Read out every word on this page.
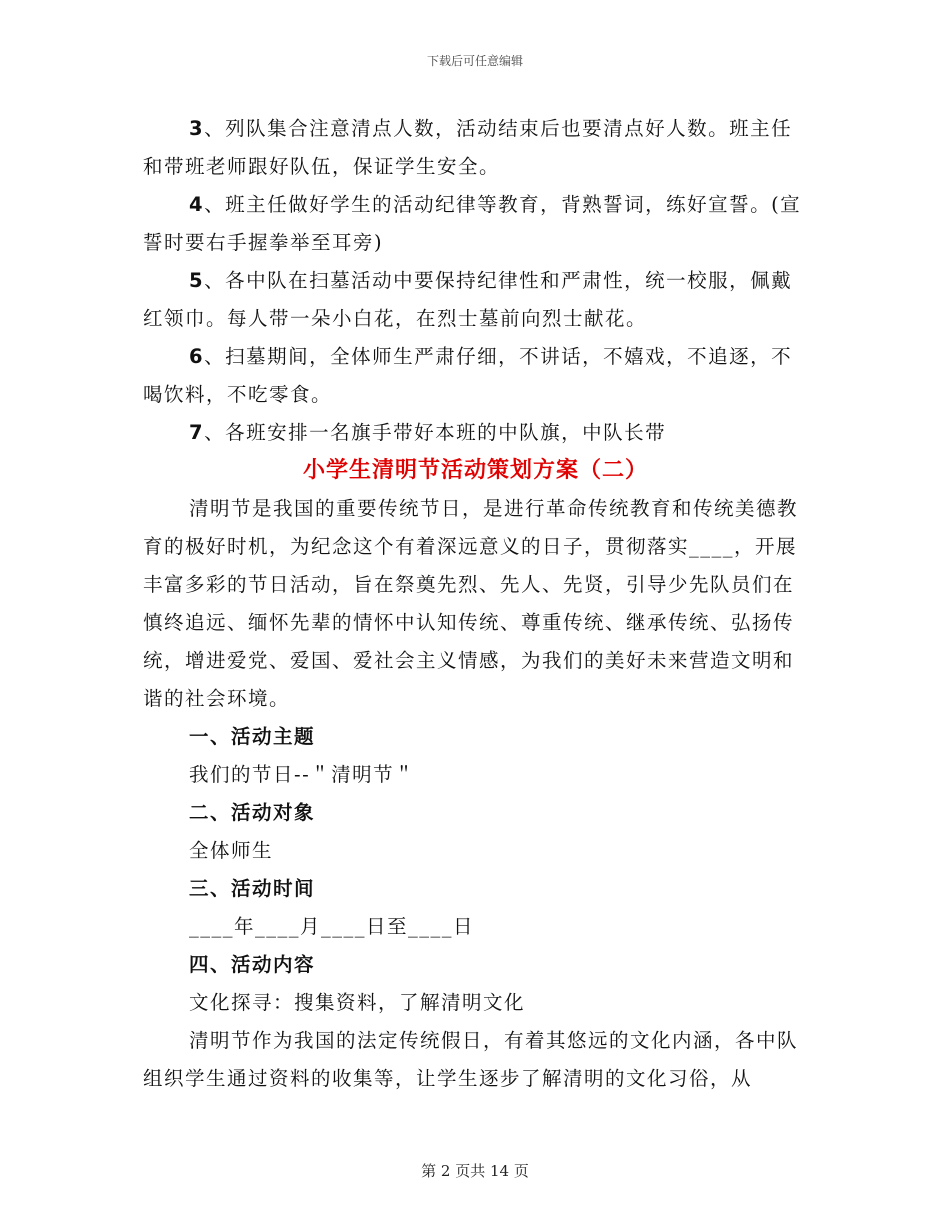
下载后可任意编辑

3、列队集合注意清点人数，活动结束后也要清点好人数。班主任和带班老师跟好队伍，保证学生安全。

4、班主任做好学生的活动纪律等教育，背熟誓词，练好宣誓。(宣誓时要右手握拳举至耳旁)

5、各中队在扫墓活动中要保持纪律性和严肃性，统一校服，佩戴红领巾。每人带一朵小白花，在烈士墓前向烈士献花。

6、扫墓期间，全体师生严肃仔细，不讲话，不嬉戏，不追逐，不喝饮料，不吃零食。

7、各班安排一名旗手带好本班的中队旗，中队长带

小学生清明节活动策划方案（二）

清明节是我国的重要传统节日，是进行革命传统教育和传统美德教育的极好时机，为纪念这个有着深远意义的日子，贯彻落实____，开展丰富多彩的节日活动，旨在祭奠先烈、先人、先贤，引导少先队员们在慎终追远、缅怀先辈的情怀中认知传统、尊重传统、继承传统、弘扬传统，增进爱党、爱国、爱社会主义情感，为我们的美好未来营造文明和谐的社会环境。

一、活动主题

我们的节日--＂清明节＂

二、活动对象

全体师生

三、活动时间

____年____月____日至____日

四、活动内容

文化探寻：搜集资料，了解清明文化

清明节作为我国的法定传统假日，有着其悠远的文化内涵，各中队组织学生通过资料的收集等，让学生逐步了解清明的文化习俗，从

第 2 页共 14 页
